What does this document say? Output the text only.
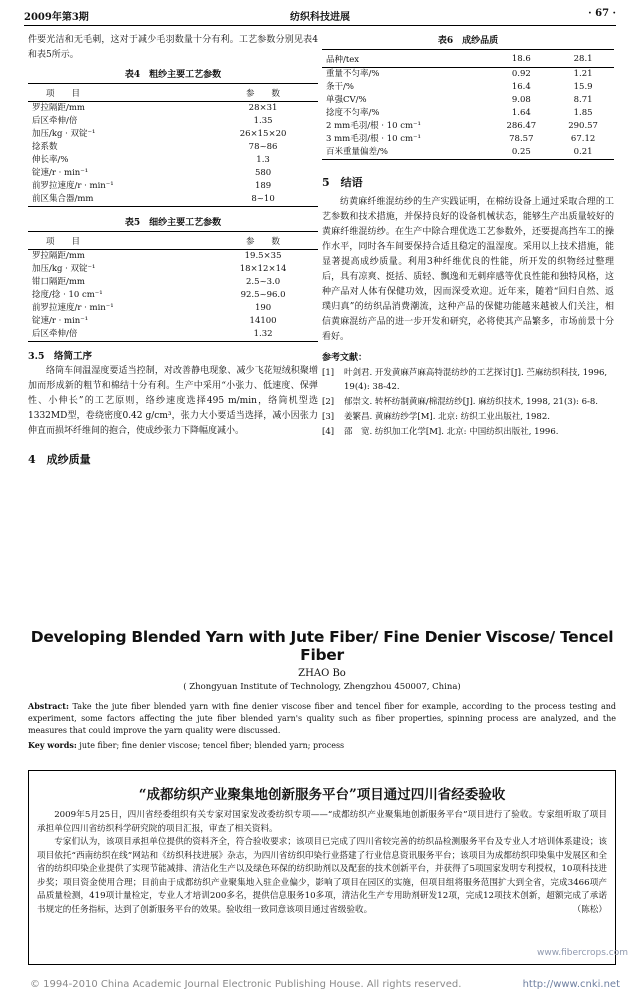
2009年第3期	纺织科技进展	· 67 ·

件要光洁和无毛刺，这对于减少毛羽数量十分有利。工艺参数分别见表4和表5所示。

表4　粗纱主要工艺参数
项　　目	参　　数
罗拉隔距/mm	28×31
后区牵伸/倍	1.35
加压/kg · 双锭⁻¹	26×15×20
捻系数	78~86
伸长率/%	1.3
锭速/r · min⁻¹	580
前罗拉速度/r · min⁻¹	189
前区集合器/mm	8~10
表5　细纱主要工艺参数
项　　目	参　　数
罗拉隔距/mm	19.5×35
加压/kg · 双锭⁻¹	18×12×14
钳口隔距/mm	2.5~3.0
捻度/捻 · 10 cm⁻¹	92.5~96.0
前罗拉速度/r · min⁻¹	190
锭速/r · min⁻¹	14100
后区牵伸/倍	1.32
3.5　络筒工序

络筒车间温湿度要适当控制，对改善静电现象、减少飞花短绒积聚增加而形成新的粗节和棉结十分有利。生产中采用“小张力、低速度、保弹性、小伸长”的工艺原则，络纱速度选择495 m/min，络筒机型选1332MD型，卷绕密度0.42 g/cm³，张力大小要适当选择，减小因张力伸直而损坏纤维间的抱合，使成纱张力下降幅度减小。

4　成纱质量
表6　成纱品质
品种/tex	18.6	28.1
重量不匀率/%	0.92	1.21
条干/%	16.4	15.9
单强CV/%	9.08	8.71
捻度不匀率/%	1.64	1.85
2 mm毛羽/根 · 10 cm⁻¹	286.47	290.57
3 mm毛羽/根 · 10 cm⁻¹	78.57	67.12
百米重量偏差/%	0.25	0.21
5　结语

纺黄麻纤维混纺纱的生产实践证明，在棉纺设备上通过采取合理的工艺参数和技术措施，并保持良好的设备机械状态，能够生产出质量较好的黄麻纤维混纺纱。在生产中除合理优选工艺参数外，还要提高挡车工的操作水平，同时各车间要保持合适且稳定的温湿度。采用以上技术措施，能显著提高成纱质量。利用3种纤维优良的性能，所开发的织物经过整理后，具有凉爽、挺括、质轻、飘逸和无刺痒感等优良性能和独特风格，这种产品对人体有保健功效，因而深受欢迎。近年来，随着“回归自然、返璞归真”的纺织品消费潮流，这种产品的保健功能越来越被人们关注，相信黄麻混纺产品的进一步开发和研究，必将使其产品繁多，市场前景十分看好。

参考文献：
[1]	叶剑君. 开发黄麻芦麻高特混纺纱的工艺探讨[J]. 苎麻纺织科技, 1996, 19(4): 38-42.
[2]	郁崇文. 转杯纺制黄麻/棉混纺纱[J]. 麻纺织技术, 1998, 21(3): 6-8.
[3]	姜繁昌. 黄麻纺纱学[M]. 北京: 纺织工业出版社, 1982.
[4]	邵　宽. 纺织加工化学[M]. 北京: 中国纺织出版社, 1996.
Developing Blended Yarn with Jute Fiber/ Fine Denier Viscose/ Tencel Fiber
ZHAO Bo
( Zhongyuan Institute of Technology, Zhengzhou 450007, China)
Abstract: Take the jute fiber blended yarn with fine denier viscose fiber and tencel fiber for example, according to the process testing and experiment, some factors affecting the jute fiber blended yarn's quality such as fiber properties, spinning process are analyzed, and the measures that could improve the yarn quality were discussed.
Key words: jute fiber; fine denier viscose; tencel fiber; blended yarn; process
“成都纺织产业聚集地创新服务平台”项目通过四川省经委验收

2009年5月25日，四川省经委组织有关专家对国家发改委纺织专项——“成都纺织产业聚集地创新服务平台”项目进行了验收。专家组听取了项目承担单位四川省纺织科学研究院的项目汇报，审查了相关资料。

专家们认为，该项目承担单位提供的资料齐全，符合验收要求；该项目已完成了四川省较完善的纺织品检测服务平台及专业人才培训体系建设；该项目依托“西南纺织在线”网站和《纺织科技进展》杂志，为四川省纺织印染行业搭建了行业信息资讯服务平台；该项目为成都纺织印染集中发展区和全省的纺织印染企业提供了实现节能减排、清洁化生产以及绿色环保的纺织助剂以及配套的技术创新平台，并获得了5项国家发明专利授权，10项科技进步奖；项目资金使用合理；目前由于成都纺织产业聚集地入驻企业偏少，影响了项目在园区的实施，但项目组将服务范围扩大到全省，完成3466项产品质量检测，419项计量检定，专业人才培训200多名，提供信息服务10多项，清洁化生产专用助剂研发12项，完成12项技术创新，超额完成了承诺书规定的任务指标，达到了创新服务平台的效果。验收组一致同意该项目通过省级验收。	（陈松）

© 1994-2010 China Academic Journal Electronic Publishing House. All rights reserved.	http://www.cnki.net
www.fibercrops.com
